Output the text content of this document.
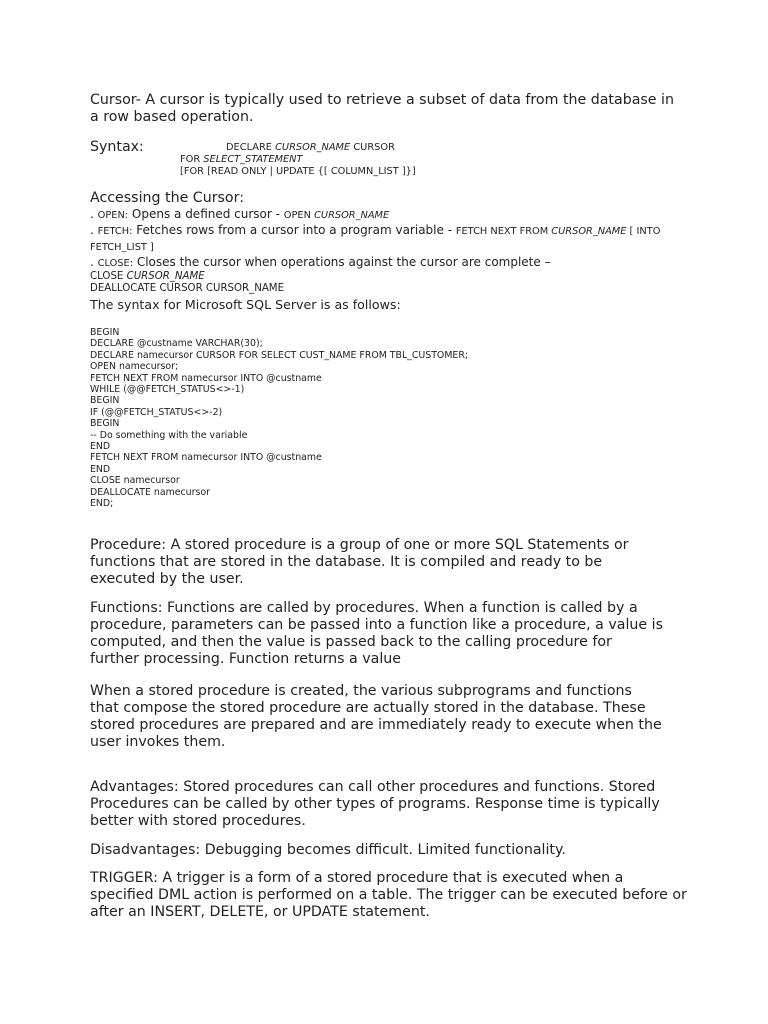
Cursor- A cursor is typically used to retrieve a subset of data from the database in a row based operation.
Syntax:	DECLARE CURSOR_NAME CURSOR
FOR SELECT_STATEMENT
[FOR [READ ONLY | UPDATE {[ COLUMN_LIST ]}]
Accessing the Cursor:
. OPEN: Opens a defined cursor - OPEN CURSOR_NAME
. FETCH: Fetches rows from a cursor into a program variable - FETCH NEXT FROM CURSOR_NAME [ INTO FETCH_LIST ]
. CLOSE: Closes the cursor when operations against the cursor are complete –
CLOSE CURSOR_NAME
DEALLOCATE CURSOR CURSOR_NAME
The syntax for Microsoft SQL Server is as follows:
BEGIN
DECLARE @custname VARCHAR(30);
DECLARE namecursor CURSOR FOR SELECT CUST_NAME FROM TBL_CUSTOMER;
OPEN namecursor;
FETCH NEXT FROM namecursor INTO @custname
WHILE (@@FETCH_STATUS<>-1)
BEGIN
IF (@@FETCH_STATUS<>-2)
BEGIN
-- Do something with the variable
END
FETCH NEXT FROM namecursor INTO @custname
END
CLOSE namecursor
DEALLOCATE namecursor
END;
Procedure: A stored procedure is a group of one or more SQL Statements or functions that are stored in the database. It is compiled and ready to be executed by the user.
Functions: Functions are called by procedures. When a function is called by a procedure, parameters can be passed into a function like a procedure, a value is computed, and then the value is passed back to the calling procedure for further processing. Function returns a value
When a stored procedure is created, the various subprograms and functions that compose the stored procedure are actually stored in the database. These stored procedures are prepared and are immediately ready to execute when the user invokes them.
Advantages: Stored procedures can call other procedures and functions. Stored Procedures can be called by other types of programs. Response time is typically better with stored procedures.
Disadvantages: Debugging becomes difficult. Limited functionality.
TRIGGER: A trigger is a form of a stored procedure that is executed when a specified DML action is performed on a table. The trigger can be executed before or after an INSERT, DELETE, or UPDATE statement.
